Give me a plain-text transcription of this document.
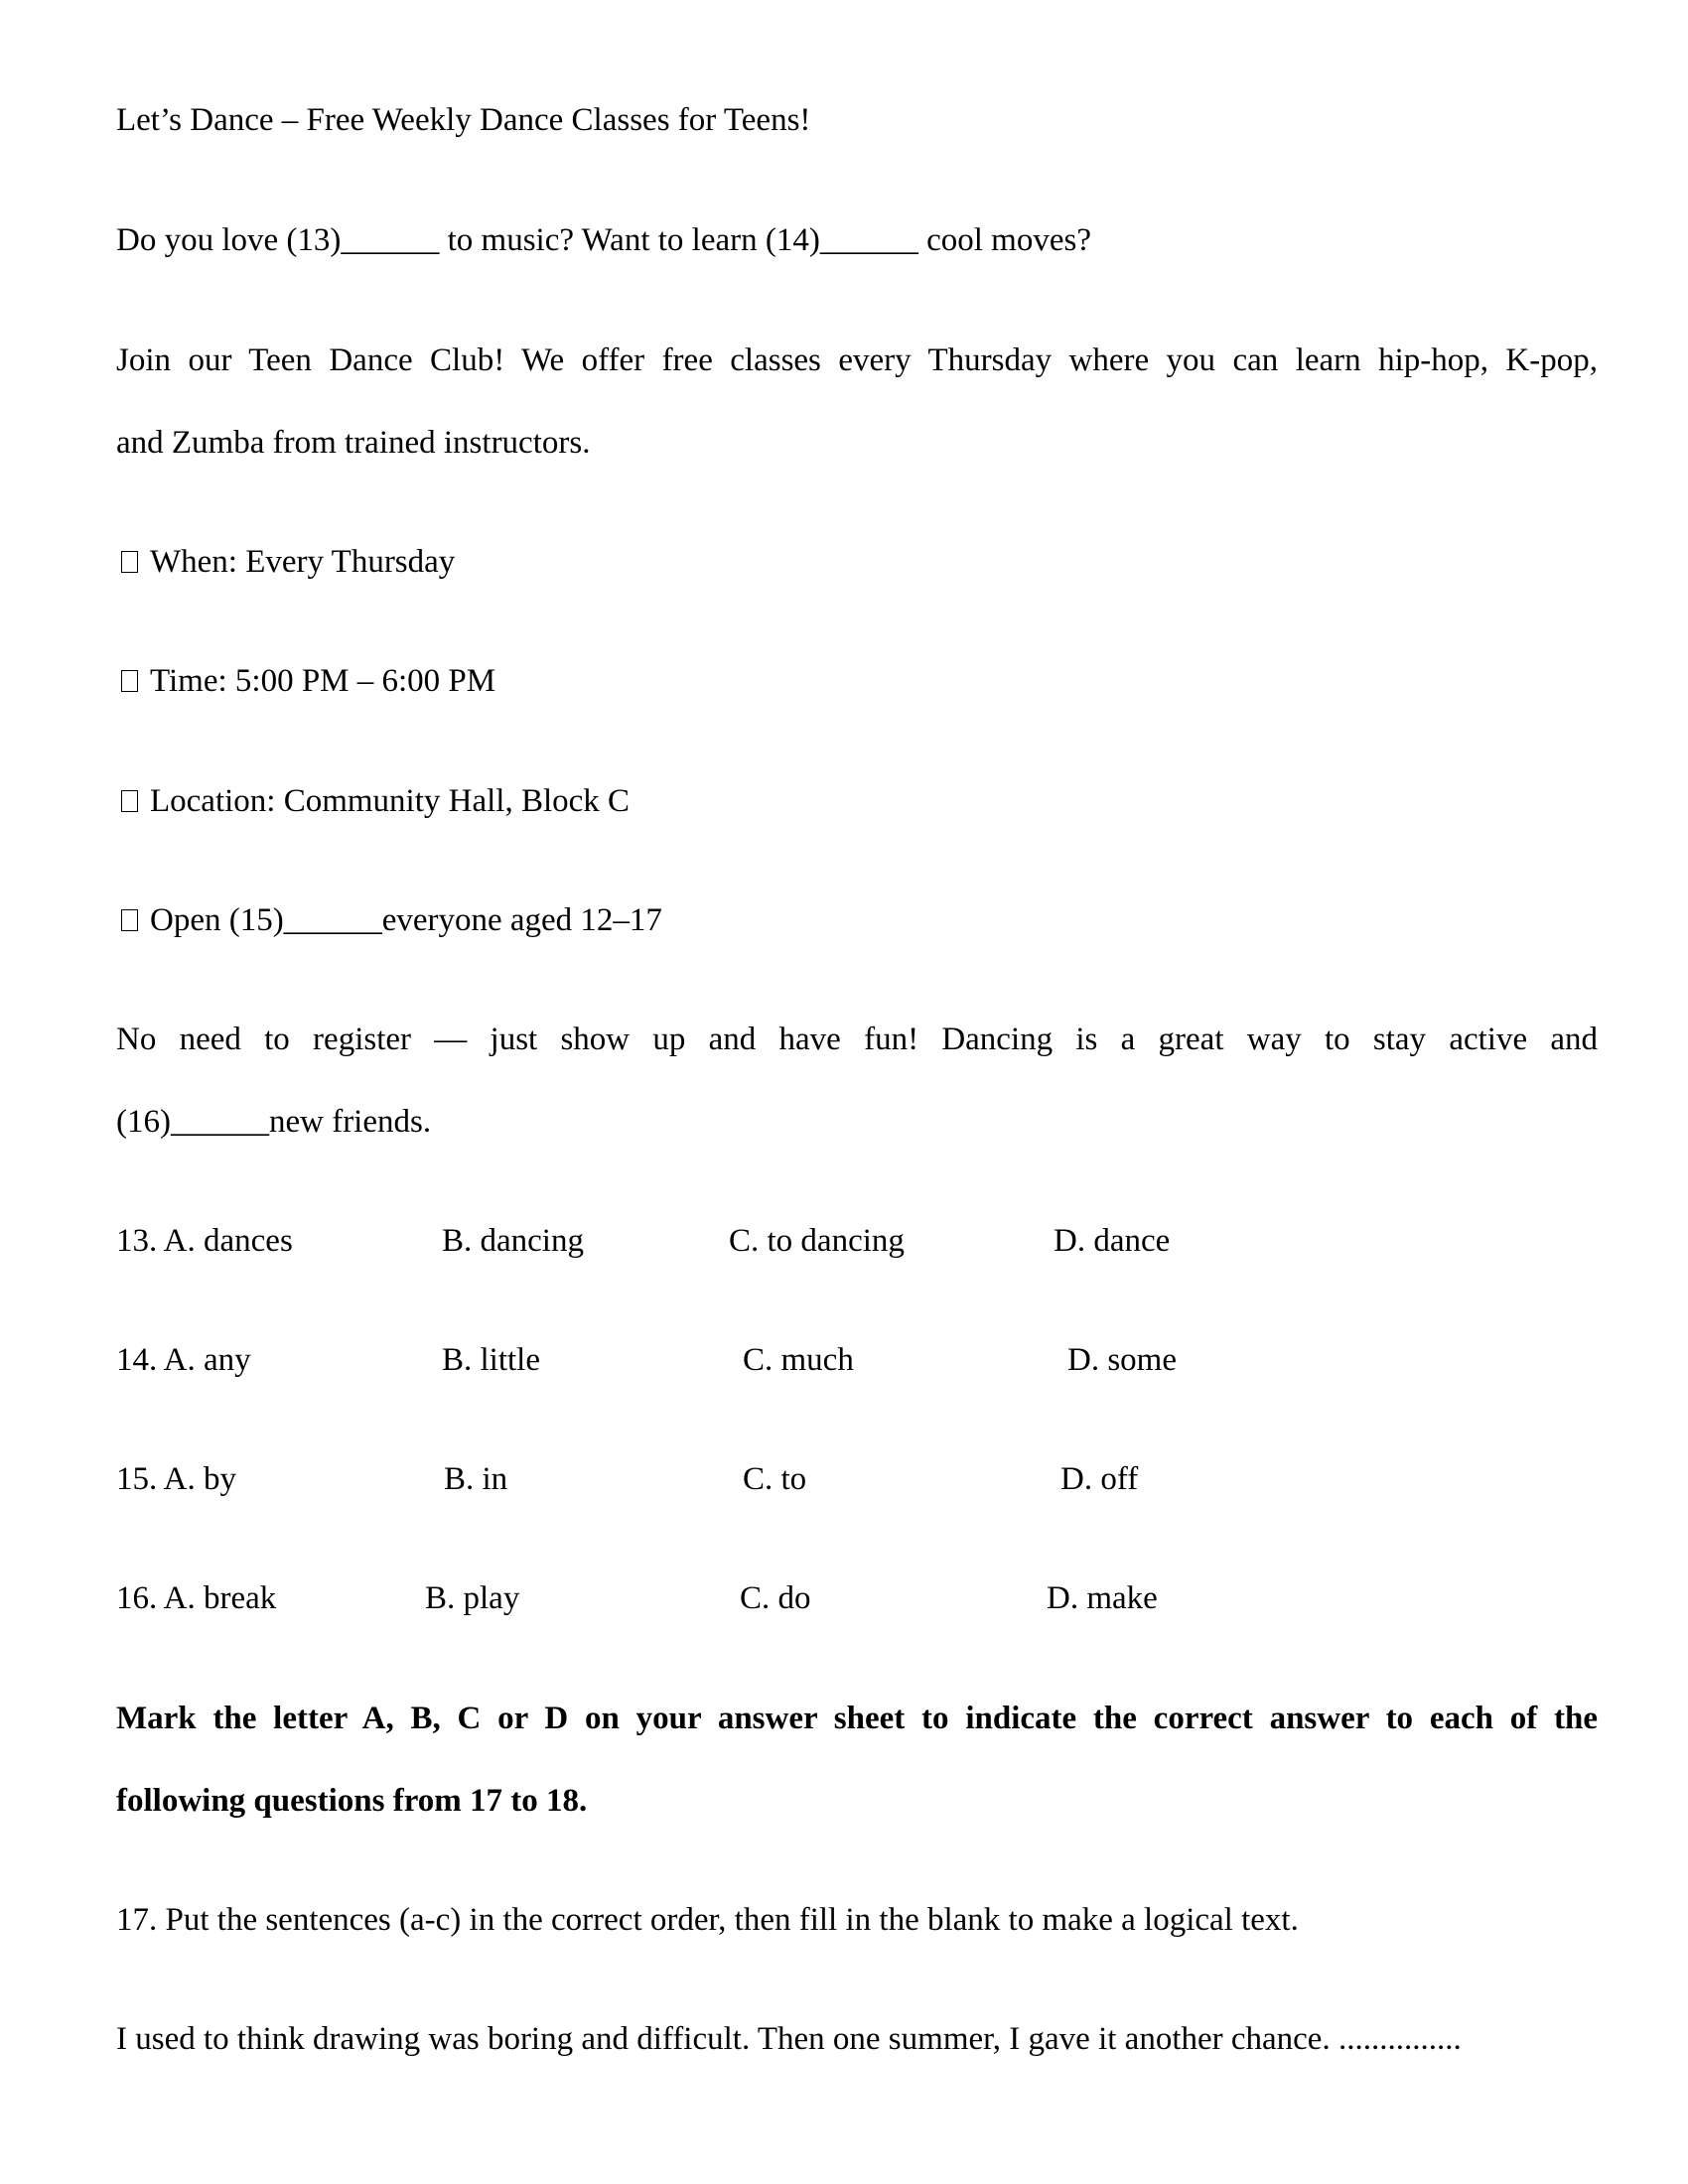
Let’s Dance – Free Weekly Dance Classes for Teens!
Do you love (13)______ to music? Want to learn (14)______ cool moves?
Join our Teen Dance Club! We offer free classes every Thursday where you can learn hip-hop, K-pop,
and Zumba from trained instructors.
When: Every Thursday
Time: 5:00 PM – 6:00 PM
Location: Community Hall, Block C
Open (15)______everyone aged 12–17
No need to register — just show up and have fun! Dancing is a great way to stay active and
(16)______new friends.
13. A. dances	B. dancing	C. to dancing	D. dance
14. A. any	B. little	C. much	D. some
15. A. by	B. in	C. to	D. off
16. A. break	B. play	C. do	D. make
Mark the letter A, B, C or D on your answer sheet to indicate the correct answer to each of the
following questions from 17 to 18.
17. Put the sentences (a-c) in the correct order, then fill in the blank to make a logical text.
I used to think drawing was boring and difficult. Then one summer, I gave it another chance. ...............
